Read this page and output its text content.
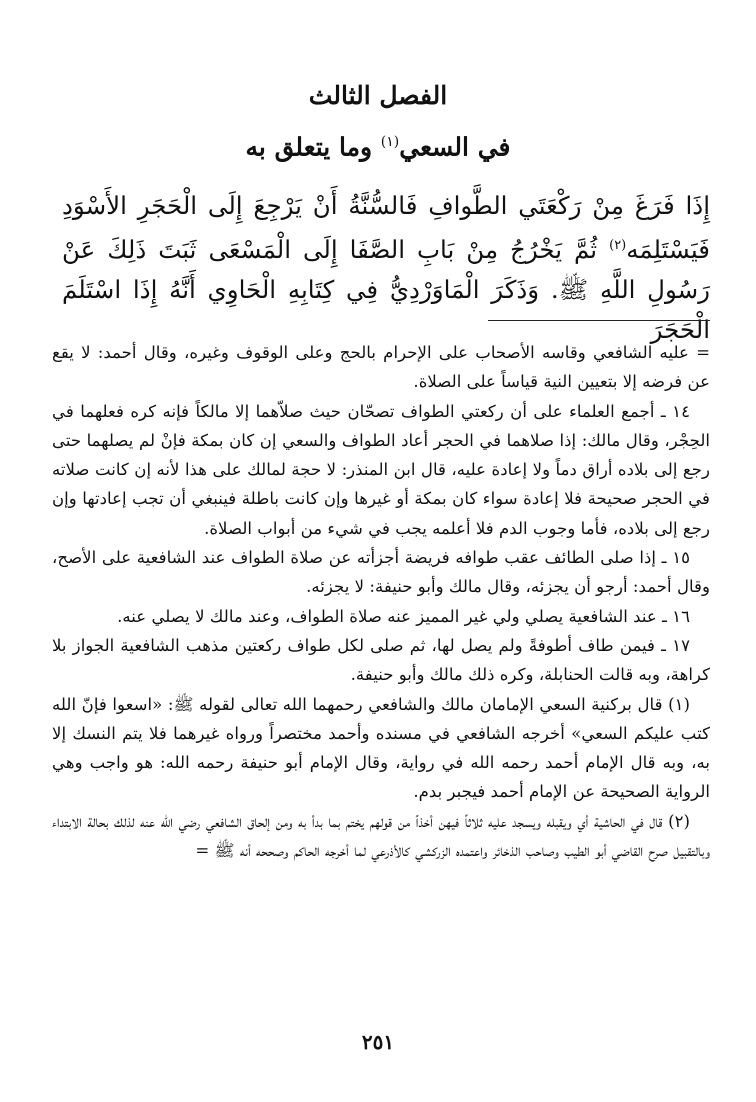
الفصل الثالث
في السعي$^{(١)}$ وما يتعلق به
إِذَا فَرَغَ مِنْ رَكْعَتَي الطَّوافِ فَالسُّنَّةُ أَنْ يَرْجِعَ إِلَى الْحَجَرِ الأَسْوَدِ فَيَسْتَلِمَه$^{(٢)}$ ثُمَّ يَخْرُجُ مِنْ بَابِ الصَّفَا إِلَى الْمَسْعَى ثَبَتَ ذَلِكَ عَنْ رَسُولِ اللَّهِ ﷺ. وَذَكَرَ الْمَاوَرْدِيُّ فِي كِتَابِهِ الْحَاوِي أَنَّهُ إِذَا اسْتَلَمَ الْحَجَرَ

= عليه الشافعي وقاسه الأصحاب على الإحرام بالحج وعلى الوقوف وغيره، وقال أحمد: لا يقع عن فرضه إلا بتعيين النية قياساً على الصلاة.

١٤ ـ أجمع العلماء على أن ركعتي الطواف تصحّان حيث صلاّهما إلا مالكاً فإنه كره فعلهما في الحِجْر، وقال مالك: إذا صلاهما في الحجر أعاد الطواف والسعي إن كان بمكة فإنْ لم يصلهما حتى رجع إلى بلاده أراق دماً ولا إعادة عليه، قال ابن المنذر: لا حجة لمالك على هذا لأنه إن كانت صلاته في الحجر صحيحة فلا إعادة سواء كان بمكة أو غيرها وإن كانت باطلة فينبغي أن تجب إعادتها وإن رجع إلى بلاده، فأما وجوب الدم فلا أعلمه يجب في شيء من أبواب الصلاة.

١٥ ـ إذا صلى الطائف عقب طوافه فريضة أجزأته عن صلاة الطواف عند الشافعية على الأصح، وقال أحمد: أرجو أن يجزئه، وقال مالك وأبو حنيفة: لا يجزئه.

١٦ ـ عند الشافعية يصلي ولي غير المميز عنه صلاة الطواف، وعند مالك لا يصلي عنه.

١٧ ـ فيمن طاف أطوفةً ولم يصل لها، ثم صلى لكل طواف ركعتين مذهب الشافعية الجواز بلا كراهة، وبه قالت الحنابلة، وكره ذلك مالك وأبو حنيفة.

(١) قال بركنية السعي الإمامان مالك والشافعي رحمهما الله تعالى لقوله ﷺ: «اسعوا فإنّ الله كتب عليكم السعي» أخرجه الشافعي في مسنده وأحمد مختصراً ورواه غيرهما فلا يتم النسك إلا به، وبه قال الإمام أحمد رحمه الله في رواية، وقال الإمام أبو حنيفة رحمه الله: هو واجب وهي الرواية الصحيحة عن الإمام أحمد فيجبر بدم.

(٢) قال في الحاشية أي ويقبله ويسجد عليه ثلاثاً فيهن أخذاً من قولهم يختم بما بدأ به ومن إلحاق الشافعي رضي الله عنه لذلك بحالة الابتداء وبالتقبيل صرح القاضي أبو الطيب وصاحب الذخائر واعتمده الزركشي كالأذرعي لما أخرجه الحاكم وصححه أنه ﷺ =

٢٥١
